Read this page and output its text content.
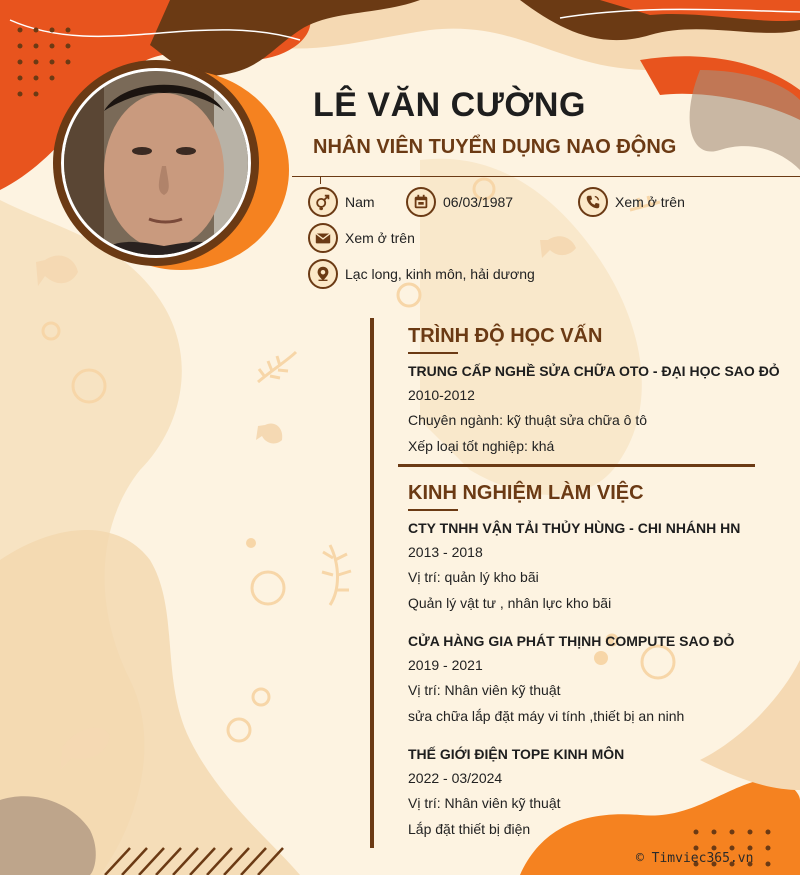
LÊ VĂN CƯỜNG
NHÂN VIÊN TUYỂN DỤNG NAO ĐỘNG
Nam	06/03/1987	Xem ở trên
Xem ở trên
Lạc long, kinh môn, hải dương
TRÌNH ĐỘ HỌC VẤN
TRUNG CẤP NGHỀ SỬA CHỮA OTO - ĐẠI HỌC SAO ĐỎ
2010-2012
Chuyên ngành: kỹ thuật sửa chữa ô tô
Xếp loại tốt nghiệp: khá
KINH NGHIỆM LÀM VIỆC
CTY TNHH VẬN TẢI THỦY HÙNG - CHI NHÁNH HN
2013 - 2018
Vị trí: quản lý kho bãi
Quản lý vật tư , nhân lực kho bãi
CỬA HÀNG GIA PHÁT THỊNH COMPUTE SAO ĐỎ
2019 - 2021
Vị trí: Nhân viên kỹ thuật
sửa chữa lắp đặt máy vi tính ,thiết bị an ninh
THẾ GIỚI ĐIỆN TOPE KINH MÔN
2022 - 03/2024
Vị trí: Nhân viên kỹ thuật
Lắp đặt thiết bị điện
© Timviec365.vn
